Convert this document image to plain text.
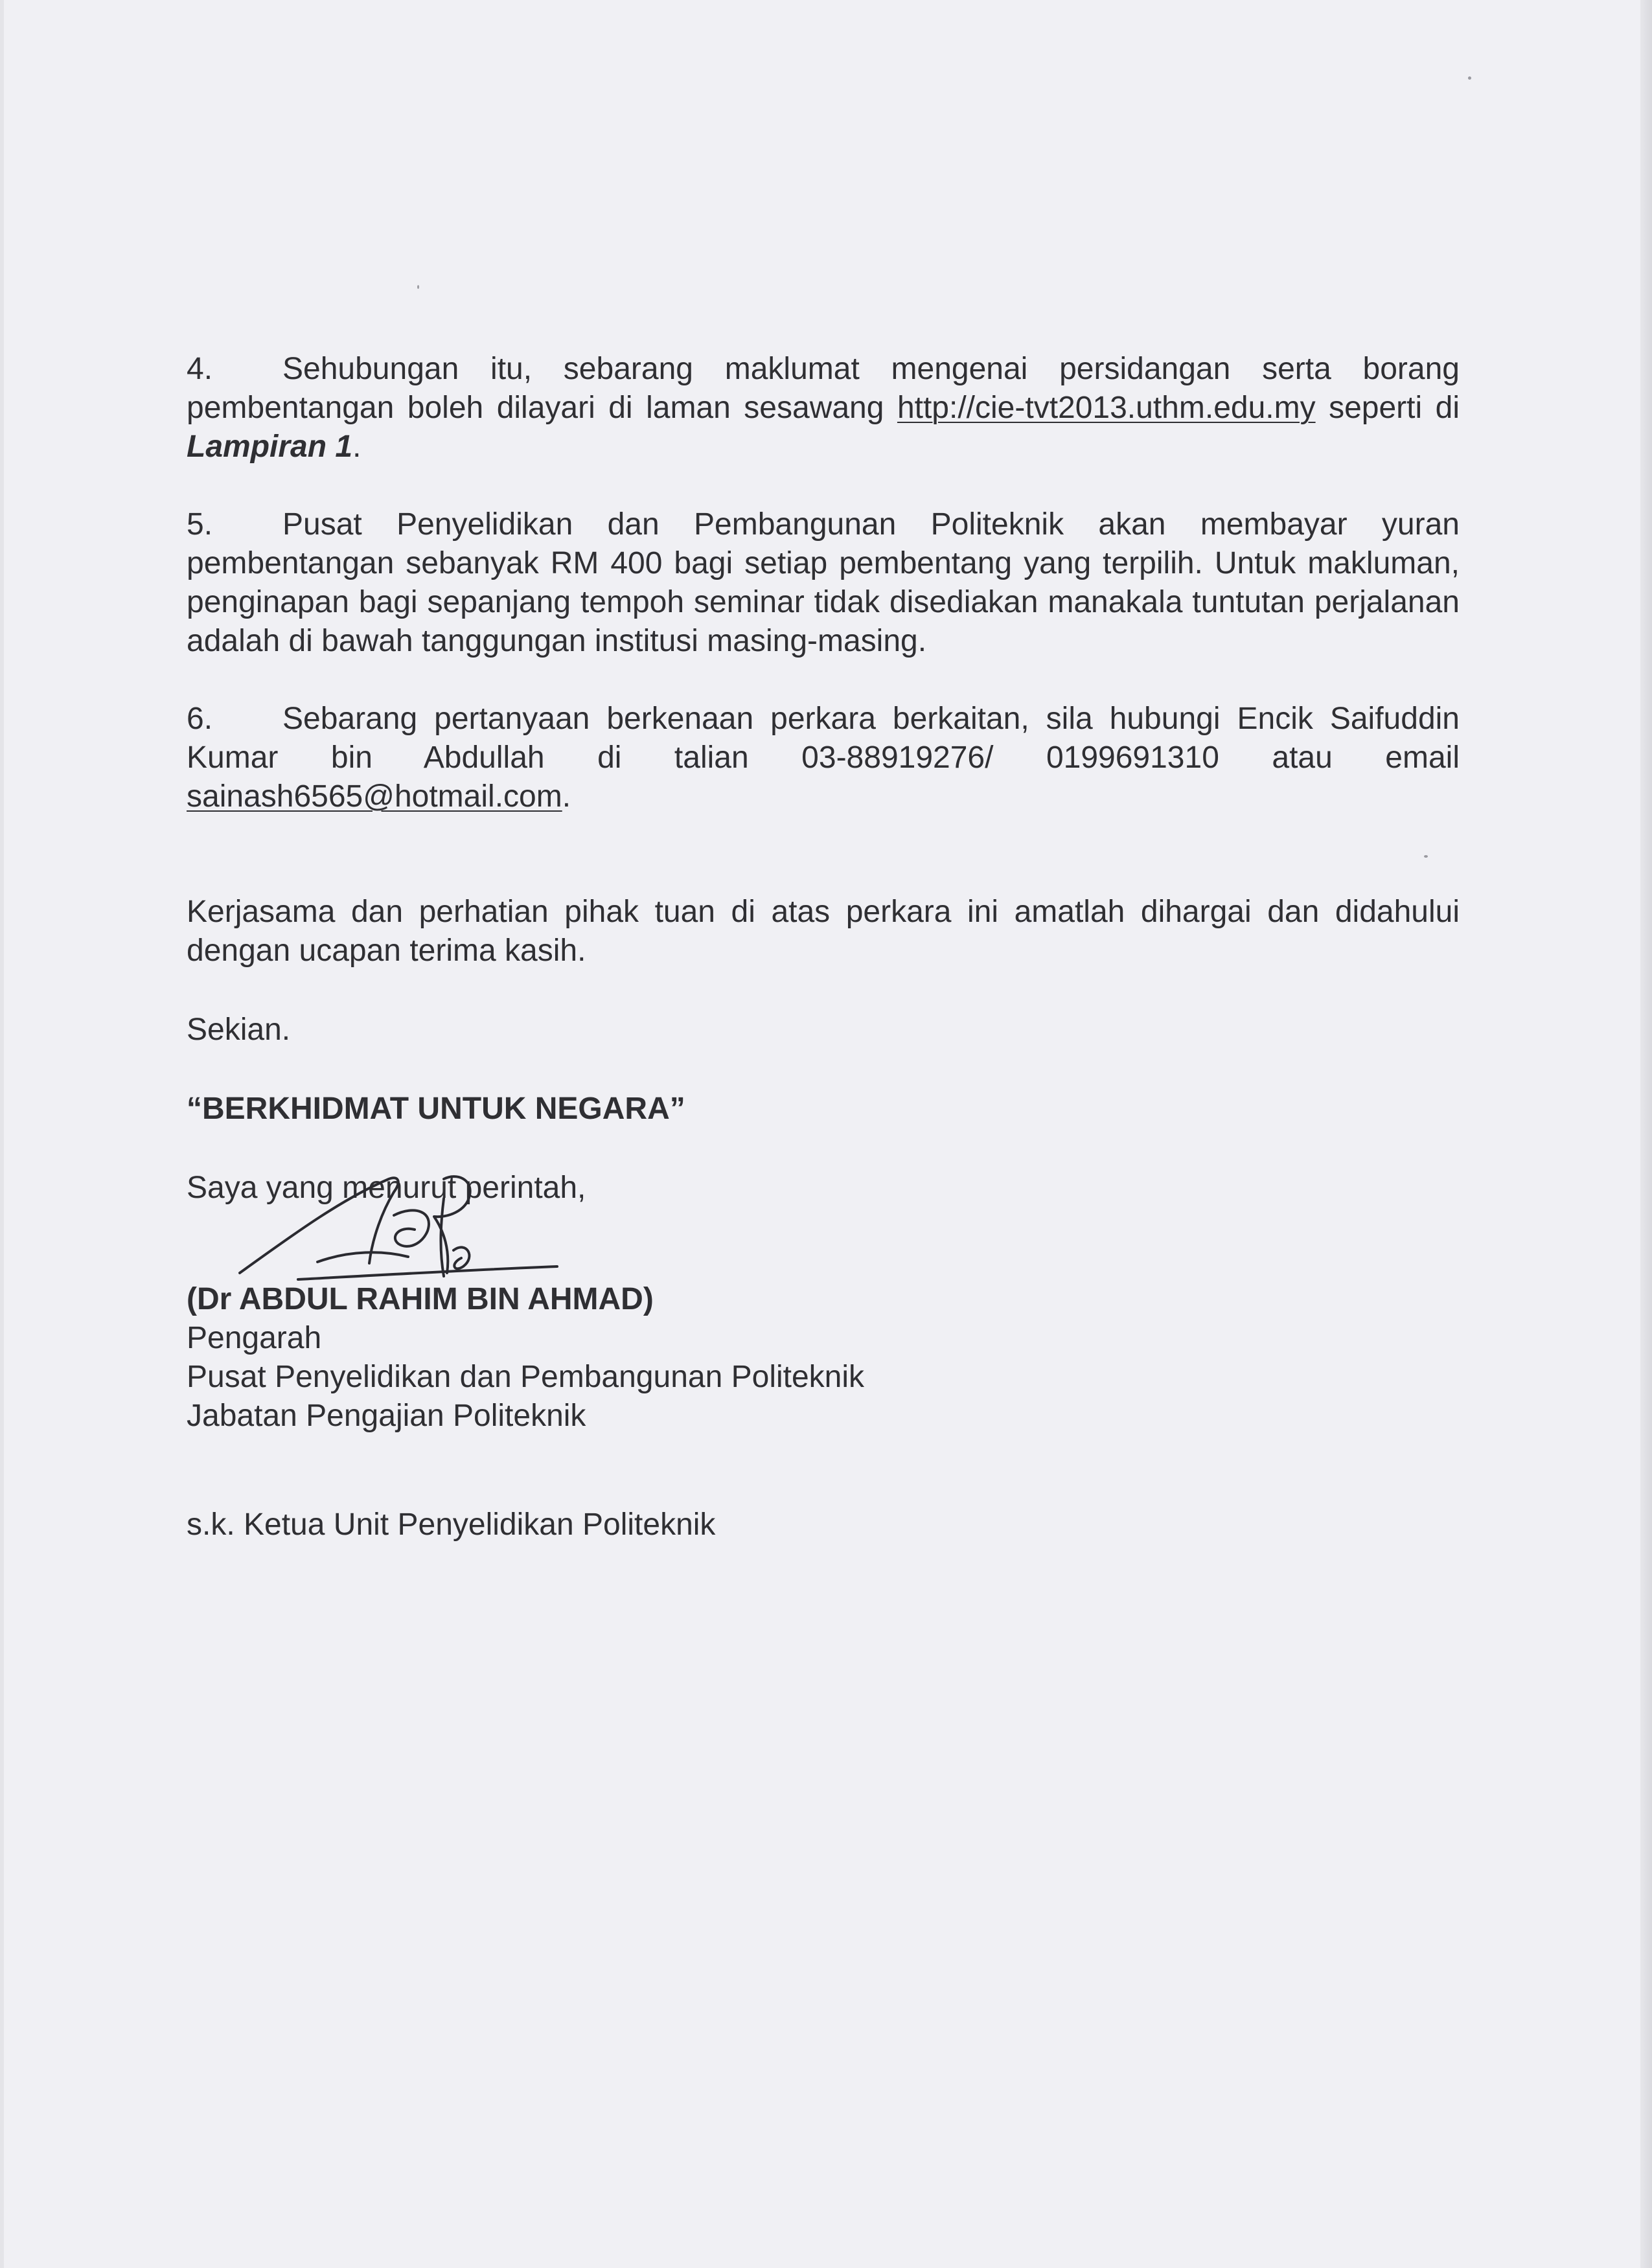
4. Sehubungan itu, sebarang maklumat mengenai persidangan serta borang pembentangan boleh dilayari di laman sesawang http://cie-tvt2013.uthm.edu.my seperti di Lampiran 1.

5. Pusat Penyelidikan dan Pembangunan Politeknik akan membayar yuran pembentangan sebanyak RM 400 bagi setiap pembentang yang terpilih. Untuk makluman, penginapan bagi sepanjang tempoh seminar tidak disediakan manakala tuntutan perjalanan adalah di bawah tanggungan institusi masing-masing.

6. Sebarang pertanyaan berkenaan perkara berkaitan, sila hubungi Encik Saifuddin Kumar bin Abdullah di talian 03-88919276/ 0199691310 atau email sainash6565@hotmail.com.

Kerjasama dan perhatian pihak tuan di atas perkara ini amatlah dihargai dan didahului dengan ucapan terima kasih.
Sekian.
“BERKHIDMAT UNTUK NEGARA”
Saya yang menurut perintah,
(Dr ABDUL RAHIM BIN AHMAD)
Pengarah
Pusat Penyelidikan dan Pembangunan Politeknik
Jabatan Pengajian Politeknik
s.k. Ketua Unit Penyelidikan Politeknik
